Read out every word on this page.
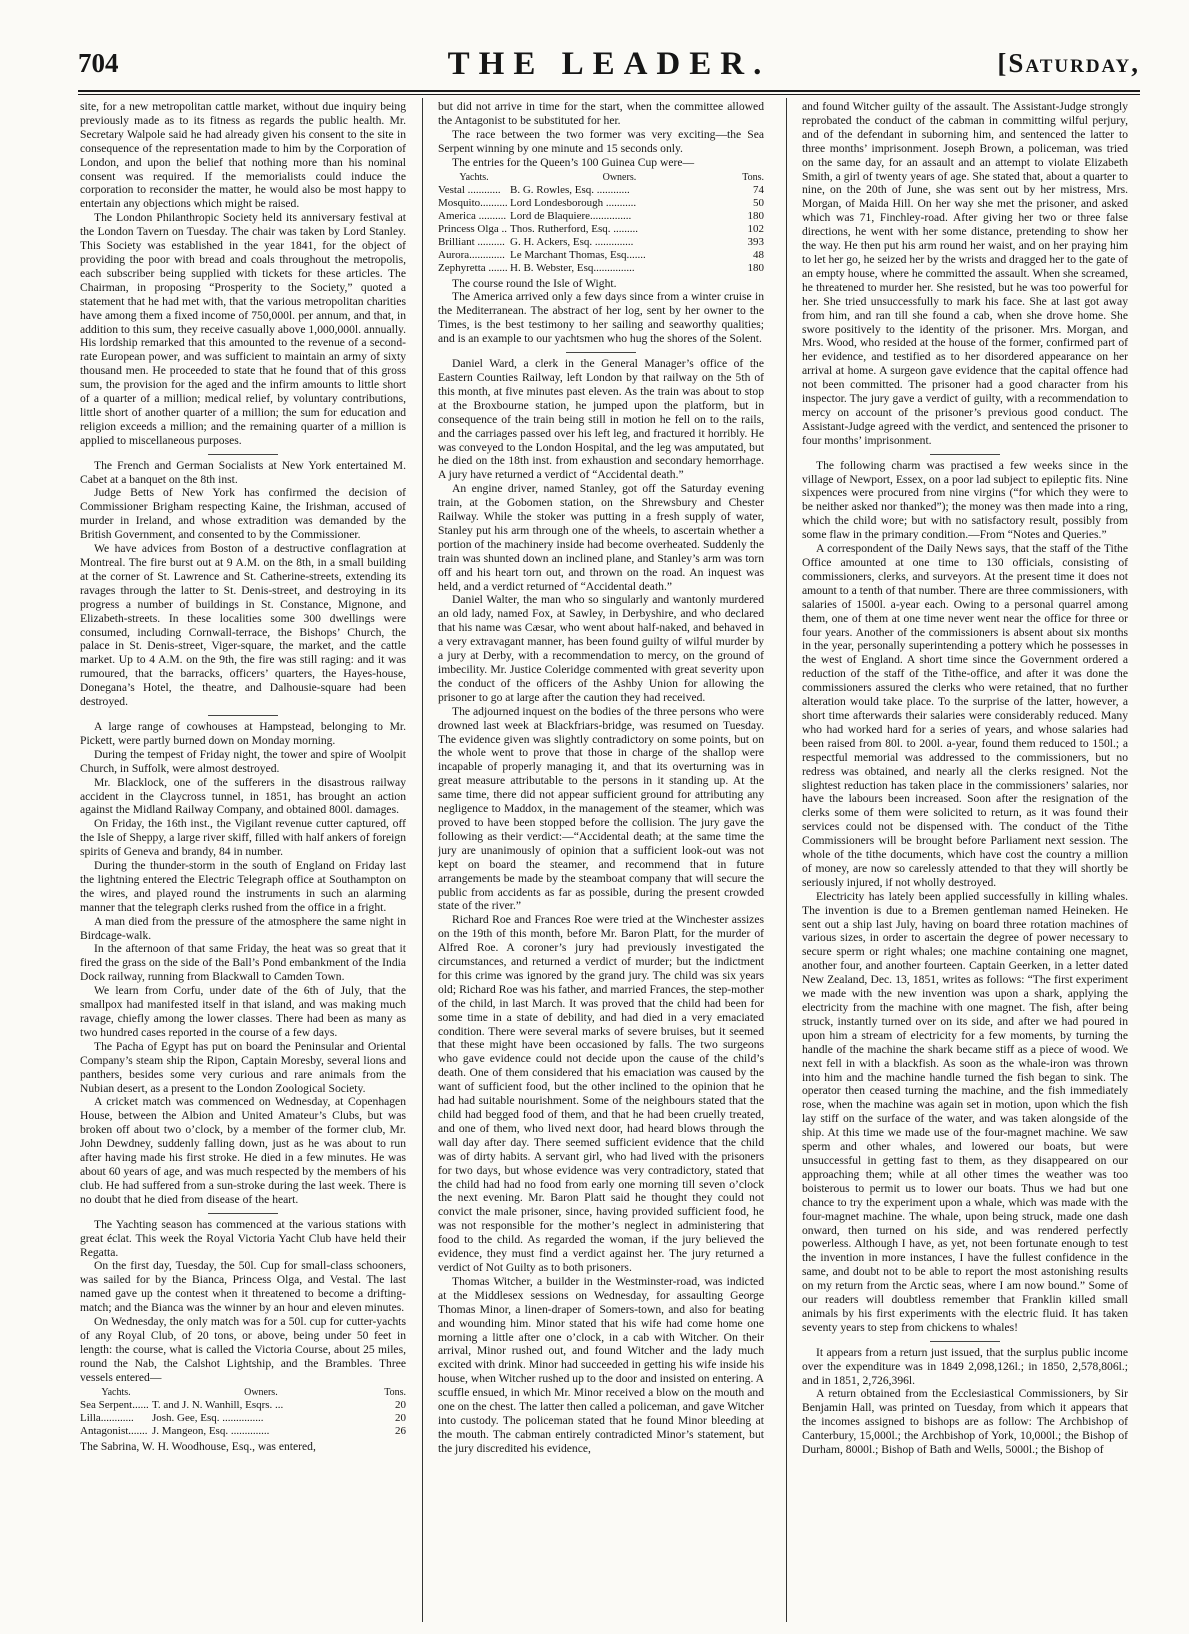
704	THE LEADER.	[Saturday,

site, for a new metropolitan cattle market, without due inquiry being previously made as to its fitness as regards the public health. Mr. Secretary Walpole said he had already given his consent to the site in consequence of the representation made to him by the Corporation of London, and upon the belief that nothing more than his nominal consent was required. If the memorialists could induce the corporation to reconsider the matter, he would also be most happy to entertain any objections which might be raised.

The London Philanthropic Society held its anniversary festival at the London Tavern on Tuesday. The chair was taken by Lord Stanley. This Society was established in the year 1841, for the object of providing the poor with bread and coals throughout the metropolis, each subscriber being supplied with tickets for these articles. The Chairman, in proposing “Prosperity to the Society,” quoted a statement that he had met with, that the various metropolitan charities have among them a fixed income of 750,000l. per annum, and that, in addition to this sum, they receive casually above 1,000,000l. annually. His lordship remarked that this amounted to the revenue of a second-rate European power, and was sufficient to maintain an army of sixty thousand men. He proceeded to state that he found that of this gross sum, the provision for the aged and the infirm amounts to little short of a quarter of a million; medical relief, by voluntary contributions, little short of another quarter of a million; the sum for education and religion exceeds a million; and the remaining quarter of a million is applied to miscellaneous purposes.

The French and German Socialists at New York entertained M. Cabet at a banquet on the 8th inst.

Judge Betts of New York has confirmed the decision of Commissioner Brigham respecting Kaine, the Irishman, accused of murder in Ireland, and whose extradition was demanded by the British Government, and consented to by the Commissioner.

We have advices from Boston of a destructive conflagration at Montreal. The fire burst out at 9 A.M. on the 8th, in a small building at the corner of St. Lawrence and St. Catherine-streets, extending its ravages through the latter to St. Denis-street, and destroying in its progress a number of buildings in St. Constance, Mignone, and Elizabeth-streets. In these localities some 300 dwellings were consumed, including Cornwall-terrace, the Bishops’ Church, the palace in St. Denis-street, Viger-square, the market, and the cattle market. Up to 4 A.M. on the 9th, the fire was still raging: and it was rumoured, that the barracks, officers’ quarters, the Hayes-house, Donegana’s Hotel, the theatre, and Dalhousie-square had been destroyed.

A large range of cowhouses at Hampstead, belonging to Mr. Pickett, were partly burned down on Monday morning.

During the tempest of Friday night, the tower and spire of Woolpit Church, in Suffolk, were almost destroyed.

Mr. Blacklock, one of the sufferers in the disastrous railway accident in the Claycross tunnel, in 1851, has brought an action against the Midland Railway Company, and obtained 800l. damages.

On Friday, the 16th inst., the Vigilant revenue cutter captured, off the Isle of Sheppy, a large river skiff, filled with half ankers of foreign spirits of Geneva and brandy, 84 in number.

During the thunder-storm in the south of England on Friday last the lightning entered the Electric Telegraph office at Southampton on the wires, and played round the instruments in such an alarming manner that the telegraph clerks rushed from the office in a fright.

A man died from the pressure of the atmosphere the same night in Birdcage-walk.

In the afternoon of that same Friday, the heat was so great that it fired the grass on the side of the Ball’s Pond embankment of the India Dock railway, running from Blackwall to Camden Town.

We learn from Corfu, under date of the 6th of July, that the smallpox had manifested itself in that island, and was making much ravage, chiefly among the lower classes. There had been as many as two hundred cases reported in the course of a few days.

The Pacha of Egypt has put on board the Peninsular and Oriental Company’s steam ship the Ripon, Captain Moresby, several lions and panthers, besides some very curious and rare animals from the Nubian desert, as a present to the London Zoological Society.

A cricket match was commenced on Wednesday, at Copenhagen House, between the Albion and United Amateur’s Clubs, but was broken off about two o’clock, by a member of the former club, Mr. John Dewdney, suddenly falling down, just as he was about to run after having made his first stroke. He died in a few minutes. He was about 60 years of age, and was much respected by the members of his club. He had suffered from a sun-stroke during the last week. There is no doubt that he died from disease of the heart.

The Yachting season has commenced at the various stations with great éclat. This week the Royal Victoria Yacht Club have held their Regatta.

On the first day, Tuesday, the 50l. Cup for small-class schooners, was sailed for by the Bianca, Princess Olga, and Vestal. The last named gave up the contest when it threatened to become a drifting-match; and the Bianca was the winner by an hour and eleven minutes.

On Wednesday, the only match was for a 50l. cup for cutter-yachts of any Royal Club, of 20 tons, or above, being under 50 feet in length: the course, what is called the Victoria Course, about 25 miles, round the Nab, the Calshot Lightship, and the Brambles. Three vessels entered—

Yachts.	Owners.	Tons.
Sea Serpent......	T. and J. N. Wanhill, Esqrs. ...	20
Lilla............	Josh. Gee, Esq. ...............	20
Antagonist.......	J. Mangeon, Esq. ..............	26

The Sabrina, W. H. Woodhouse, Esq., was entered,

but did not arrive in time for the start, when the committee allowed the Antagonist to be substituted for her.

The race between the two former was very exciting—the Sea Serpent winning by one minute and 15 seconds only.

The entries for the Queen’s 100 Guinea Cup were—

Yachts.	Owners.	Tons.
Vestal ............	B. G. Rowles, Esq. ............	74
Mosquito..........	Lord Londesborough ...........	50
America ..........	Lord de Blaquiere...............	180
Princess Olga ..	Thos. Rutherford, Esq. .........	102
Brilliant ..........	G. H. Ackers, Esq. ..............	393
Aurora.............	Le Marchant Thomas, Esq.......	48
Zephyretta .......	H. B. Webster, Esq...............	180

The course round the Isle of Wight.

The America arrived only a few days since from a winter cruise in the Mediterranean. The abstract of her log, sent by her owner to the Times, is the best testimony to her sailing and seaworthy qualities; and is an example to our yachtsmen who hug the shores of the Solent.

Daniel Ward, a clerk in the General Manager’s office of the Eastern Counties Railway, left London by that railway on the 5th of this month, at five minutes past eleven. As the train was about to stop at the Broxbourne station, he jumped upon the platform, but in consequence of the train being still in motion he fell on to the rails, and the carriages passed over his left leg, and fractured it horribly. He was conveyed to the London Hospital, and the leg was amputated, but he died on the 18th inst. from exhaustion and secondary hemorrhage. A jury have returned a verdict of “Accidental death.”

An engine driver, named Stanley, got off the Saturday evening train, at the Gobomen station, on the Shrewsbury and Chester Railway. While the stoker was putting in a fresh supply of water, Stanley put his arm through one of the wheels, to ascertain whether a portion of the machinery inside had become overheated. Suddenly the train was shunted down an inclined plane, and Stanley’s arm was torn off and his heart torn out, and thrown on the road. An inquest was held, and a verdict returned of “Accidental death.”

Daniel Walter, the man who so singularly and wantonly murdered an old lady, named Fox, at Sawley, in Derbyshire, and who declared that his name was Cæsar, who went about half-naked, and behaved in a very extravagant manner, has been found guilty of wilful murder by a jury at Derby, with a recommendation to mercy, on the ground of imbecility. Mr. Justice Coleridge commented with great severity upon the conduct of the officers of the Ashby Union for allowing the prisoner to go at large after the caution they had received.

The adjourned inquest on the bodies of the three persons who were drowned last week at Blackfriars-bridge, was resumed on Tuesday. The evidence given was slightly contradictory on some points, but on the whole went to prove that those in charge of the shallop were incapable of properly managing it, and that its overturning was in great measure attributable to the persons in it standing up. At the same time, there did not appear sufficient ground for attributing any negligence to Maddox, in the management of the steamer, which was proved to have been stopped before the collision. The jury gave the following as their verdict:—“Accidental death; at the same time the jury are unanimously of opinion that a sufficient look-out was not kept on board the steamer, and recommend that in future arrangements be made by the steamboat company that will secure the public from accidents as far as possible, during the present crowded state of the river.”

Richard Roe and Frances Roe were tried at the Winchester assizes on the 19th of this month, before Mr. Baron Platt, for the murder of Alfred Roe. A coroner’s jury had previously investigated the circumstances, and returned a verdict of murder; but the indictment for this crime was ignored by the grand jury. The child was six years old; Richard Roe was his father, and married Frances, the step-mother of the child, in last March. It was proved that the child had been for some time in a state of debility, and had died in a very emaciated condition. There were several marks of severe bruises, but it seemed that these might have been occasioned by falls. The two surgeons who gave evidence could not decide upon the cause of the child’s death. One of them considered that his emaciation was caused by the want of sufficient food, but the other inclined to the opinion that he had had suitable nourishment. Some of the neighbours stated that the child had begged food of them, and that he had been cruelly treated, and one of them, who lived next door, had heard blows through the wall day after day. There seemed sufficient evidence that the child was of dirty habits. A servant girl, who had lived with the prisoners for two days, but whose evidence was very contradictory, stated that the child had had no food from early one morning till seven o’clock the next evening. Mr. Baron Platt said he thought they could not convict the male prisoner, since, having provided sufficient food, he was not responsible for the mother’s neglect in administering that food to the child. As regarded the woman, if the jury believed the evidence, they must find a verdict against her. The jury returned a verdict of Not Guilty as to both prisoners.

Thomas Witcher, a builder in the Westminster-road, was indicted at the Middlesex sessions on Wednesday, for assaulting George Thomas Minor, a linen-draper of Somers-town, and also for beating and wounding him. Minor stated that his wife had come home one morning a little after one o’clock, in a cab with Witcher. On their arrival, Minor rushed out, and found Witcher and the lady much excited with drink. Minor had succeeded in getting his wife inside his house, when Witcher rushed up to the door and insisted on entering. A scuffle ensued, in which Mr. Minor received a blow on the mouth and one on the chest. The latter then called a policeman, and gave Witcher into custody. The policeman stated that he found Minor bleeding at the mouth. The cabman entirely contradicted Minor’s statement, but the jury discredited his evidence,

and found Witcher guilty of the assault. The Assistant-Judge strongly reprobated the conduct of the cabman in committing wilful perjury, and of the defendant in suborning him, and sentenced the latter to three months’ imprisonment. Joseph Brown, a policeman, was tried on the same day, for an assault and an attempt to violate Elizabeth Smith, a girl of twenty years of age. She stated that, about a quarter to nine, on the 20th of June, she was sent out by her mistress, Mrs. Morgan, of Maida Hill. On her way she met the prisoner, and asked which was 71, Finchley-road. After giving her two or three false directions, he went with her some distance, pretending to show her the way. He then put his arm round her waist, and on her praying him to let her go, he seized her by the wrists and dragged her to the gate of an empty house, where he committed the assault. When she screamed, he threatened to murder her. She resisted, but he was too powerful for her. She tried unsuccessfully to mark his face. She at last got away from him, and ran till she found a cab, when she drove home. She swore positively to the identity of the prisoner. Mrs. Morgan, and Mrs. Wood, who resided at the house of the former, confirmed part of her evidence, and testified as to her disordered appearance on her arrival at home. A surgeon gave evidence that the capital offence had not been committed. The prisoner had a good character from his inspector. The jury gave a verdict of guilty, with a recommendation to mercy on account of the prisoner’s previous good conduct. The Assistant-Judge agreed with the verdict, and sentenced the prisoner to four months’ imprisonment.

The following charm was practised a few weeks since in the village of Newport, Essex, on a poor lad subject to epileptic fits. Nine sixpences were procured from nine virgins (“for which they were to be neither asked nor thanked”); the money was then made into a ring, which the child wore; but with no satisfactory result, possibly from some flaw in the primary condition.—From “Notes and Queries.”

A correspondent of the Daily News says, that the staff of the Tithe Office amounted at one time to 130 officials, consisting of commissioners, clerks, and surveyors. At the present time it does not amount to a tenth of that number. There are three commissioners, with salaries of 1500l. a-year each. Owing to a personal quarrel among them, one of them at one time never went near the office for three or four years. Another of the commissioners is absent about six months in the year, personally superintending a pottery which he possesses in the west of England. A short time since the Government ordered a reduction of the staff of the Tithe-office, and after it was done the commissioners assured the clerks who were retained, that no further alteration would take place. To the surprise of the latter, however, a short time afterwards their salaries were considerably reduced. Many who had worked hard for a series of years, and whose salaries had been raised from 80l. to 200l. a-year, found them reduced to 150l.; a respectful memorial was addressed to the commissioners, but no redress was obtained, and nearly all the clerks resigned. Not the slightest reduction has taken place in the commissioners’ salaries, nor have the labours been increased. Soon after the resignation of the clerks some of them were solicited to return, as it was found their services could not be dispensed with. The conduct of the Tithe Commissioners will be brought before Parliament next session. The whole of the tithe documents, which have cost the country a million of money, are now so carelessly attended to that they will shortly be seriously injured, if not wholly destroyed.

Electricity has lately been applied successfully in killing whales. The invention is due to a Bremen gentleman named Heineken. He sent out a ship last July, having on board three rotation machines of various sizes, in order to ascertain the degree of power necessary to secure sperm or right whales; one machine containing one magnet, another four, and another fourteen. Captain Geerken, in a letter dated New Zealand, Dec. 13, 1851, writes as follows: “The first experiment we made with the new invention was upon a shark, applying the electricity from the machine with one magnet. The fish, after being struck, instantly turned over on its side, and after we had poured in upon him a stream of electricity for a few moments, by turning the handle of the machine the shark became stiff as a piece of wood. We next fell in with a blackfish. As soon as the whale-iron was thrown into him and the machine handle turned the fish began to sink. The operator then ceased turning the machine, and the fish immediately rose, when the machine was again set in motion, upon which the fish lay stiff on the surface of the water, and was taken alongside of the ship. At this time we made use of the four-magnet machine. We saw sperm and other whales, and lowered our boats, but were unsuccessful in getting fast to them, as they disappeared on our approaching them; while at all other times the weather was too boisterous to permit us to lower our boats. Thus we had but one chance to try the experiment upon a whale, which was made with the four-magnet machine. The whale, upon being struck, made one dash onward, then turned on his side, and was rendered perfectly powerless. Although I have, as yet, not been fortunate enough to test the invention in more instances, I have the fullest confidence in the same, and doubt not to be able to report the most astonishing results on my return from the Arctic seas, where I am now bound.” Some of our readers will doubtless remember that Franklin killed small animals by his first experiments with the electric fluid. It has taken seventy years to step from chickens to whales!

It appears from a return just issued, that the surplus public income over the expenditure was in 1849 2,098,126l.; in 1850, 2,578,806l.; and in 1851, 2,726,396l.

A return obtained from the Ecclesiastical Commissioners, by Sir Benjamin Hall, was printed on Tuesday, from which it appears that the incomes assigned to bishops are as follow: The Archbishop of Canterbury, 15,000l.; the Archbishop of York, 10,000l.; the Bishop of Durham, 8000l.; Bishop of Bath and Wells, 5000l.; the Bishop of
